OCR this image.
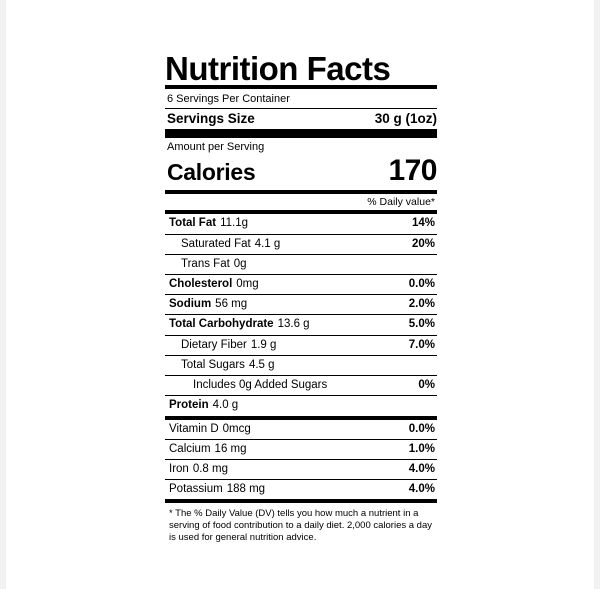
Nutrition Facts
6 Servings Per Container
Servings Size	30 g (1oz)
Amount per Serving
Calories	170
% Daily value*
Total Fat 11.1g	14%
Saturated Fat 4.1 g	20%
Trans Fat 0g
Cholesterol 0mg	0.0%
Sodium 56 mg	2.0%
Total Carbohydrate 13.6 g	5.0%
Dietary Fiber 1.9 g	7.0%
Total Sugars 4.5 g
Includes 0g Added Sugars	0%
Protein 4.0 g
Vitamin D 0mcg	0.0%
Calcium 16 mg	1.0%
Iron 0.8 mg	4.0%
Potassium 188 mg	4.0%

* The % Daily Value (DV) tells you how much a nutrient in a serving of food contribution to a daily diet. 2,000 calories a day is used for general nutrition advice.
